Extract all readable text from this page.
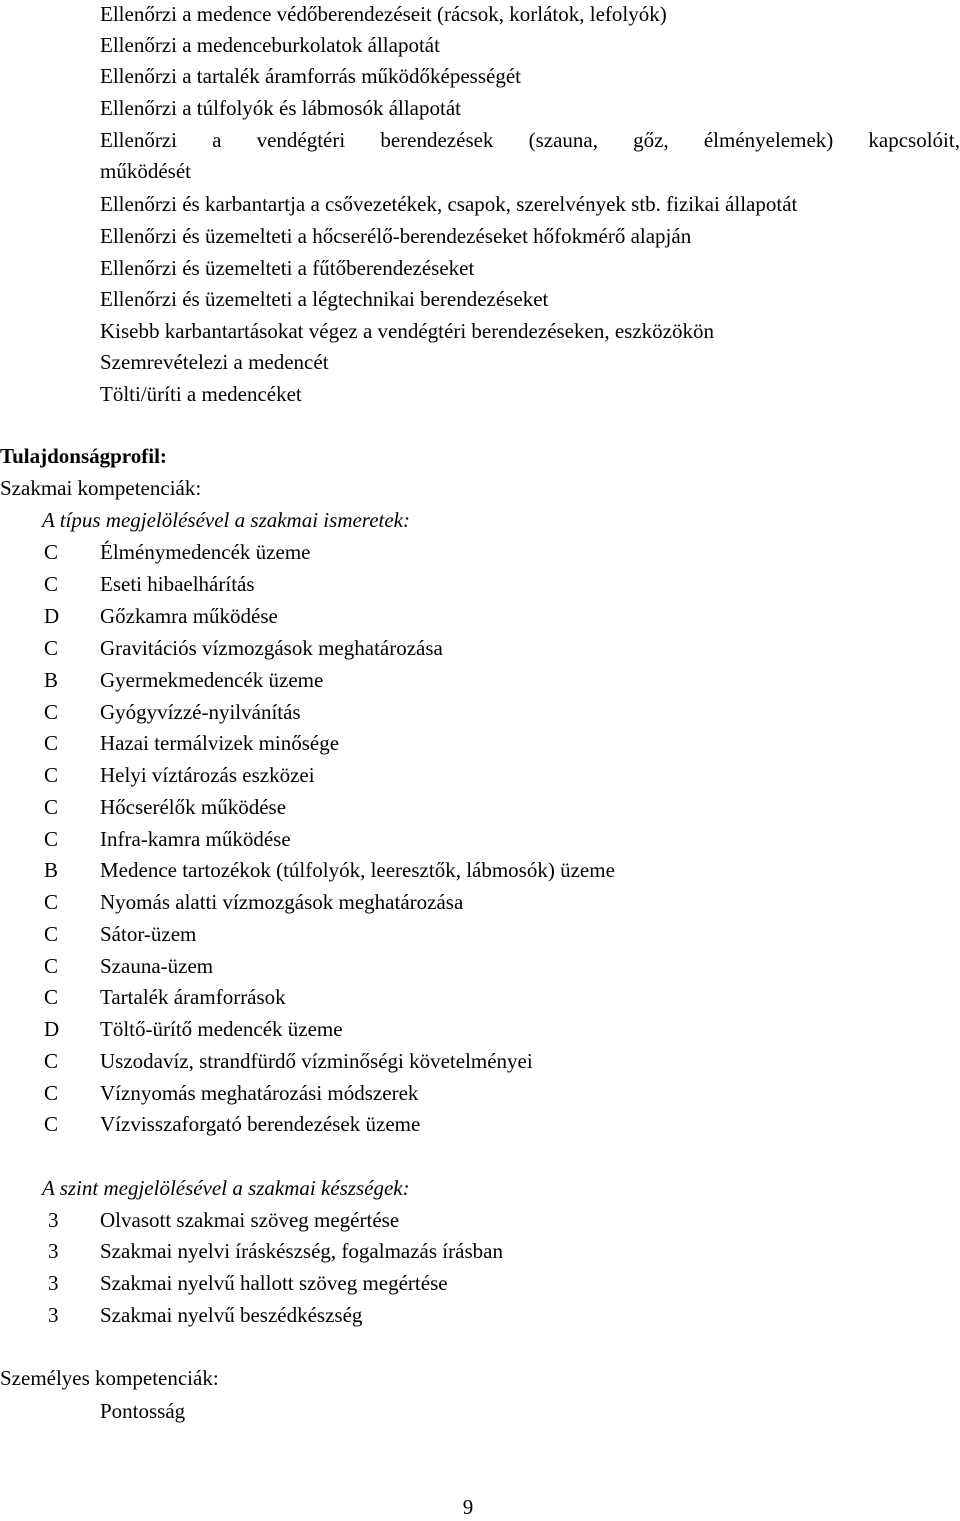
Ellenőrzi a medence védőberendezéseit (rácsok, korlátok, lefolyók)
Ellenőrzi a medenceburkolatok állapotát
Ellenőrzi a tartalék áramforrás működőképességét
Ellenőrzi a túlfolyók és lábmosók állapotát
Ellenőrzi a vendégtéri berendezések (szauna, gőz, élményelemek) kapcsolóit,
működését
Ellenőrzi és karbantartja a csővezetékek, csapok, szerelvények stb. fizikai állapotát
Ellenőrzi és üzemelteti a hőcserélő-berendezéseket hőfokmérő alapján
Ellenőrzi és üzemelteti a fűtőberendezéseket
Ellenőrzi és üzemelteti a légtechnikai berendezéseket
Kisebb karbantartásokat végez a vendégtéri berendezéseken, eszközökön
Szemrevételezi a medencét
Tölti/üríti a medencéket
Tulajdonságprofil:
Szakmai kompetenciák:
A típus megjelölésével a szakmai ismeretek:
C	Élménymedencék üzeme
C	Eseti hibaelhárítás
D	Gőzkamra működése
C	Gravitációs vízmozgások meghatározása
B	Gyermekmedencék üzeme
C	Gyógyvízzé-nyilvánítás
C	Hazai termálvizek minősége
C	Helyi víztározás eszközei
C	Hőcserélők működése
C	Infra-kamra működése
B	Medence tartozékok (túlfolyók, leeresztők, lábmosók) üzeme
C	Nyomás alatti vízmozgások meghatározása
C	Sátor-üzem
C	Szauna-üzem
C	Tartalék áramforrások
D	Töltő-ürítő medencék üzeme
C	Uszodavíz, strandfürdő vízminőségi követelményei
C	Víznyomás meghatározási módszerek
C	Vízvisszaforgató berendezések üzeme
A szint megjelölésével a szakmai készségek:
3	Olvasott szakmai szöveg megértése
3	Szakmai nyelvi íráskészség, fogalmazás írásban
3	Szakmai nyelvű hallott szöveg megértése
3	Szakmai nyelvű beszédkészség
Személyes kompetenciák:
Pontosság
9
